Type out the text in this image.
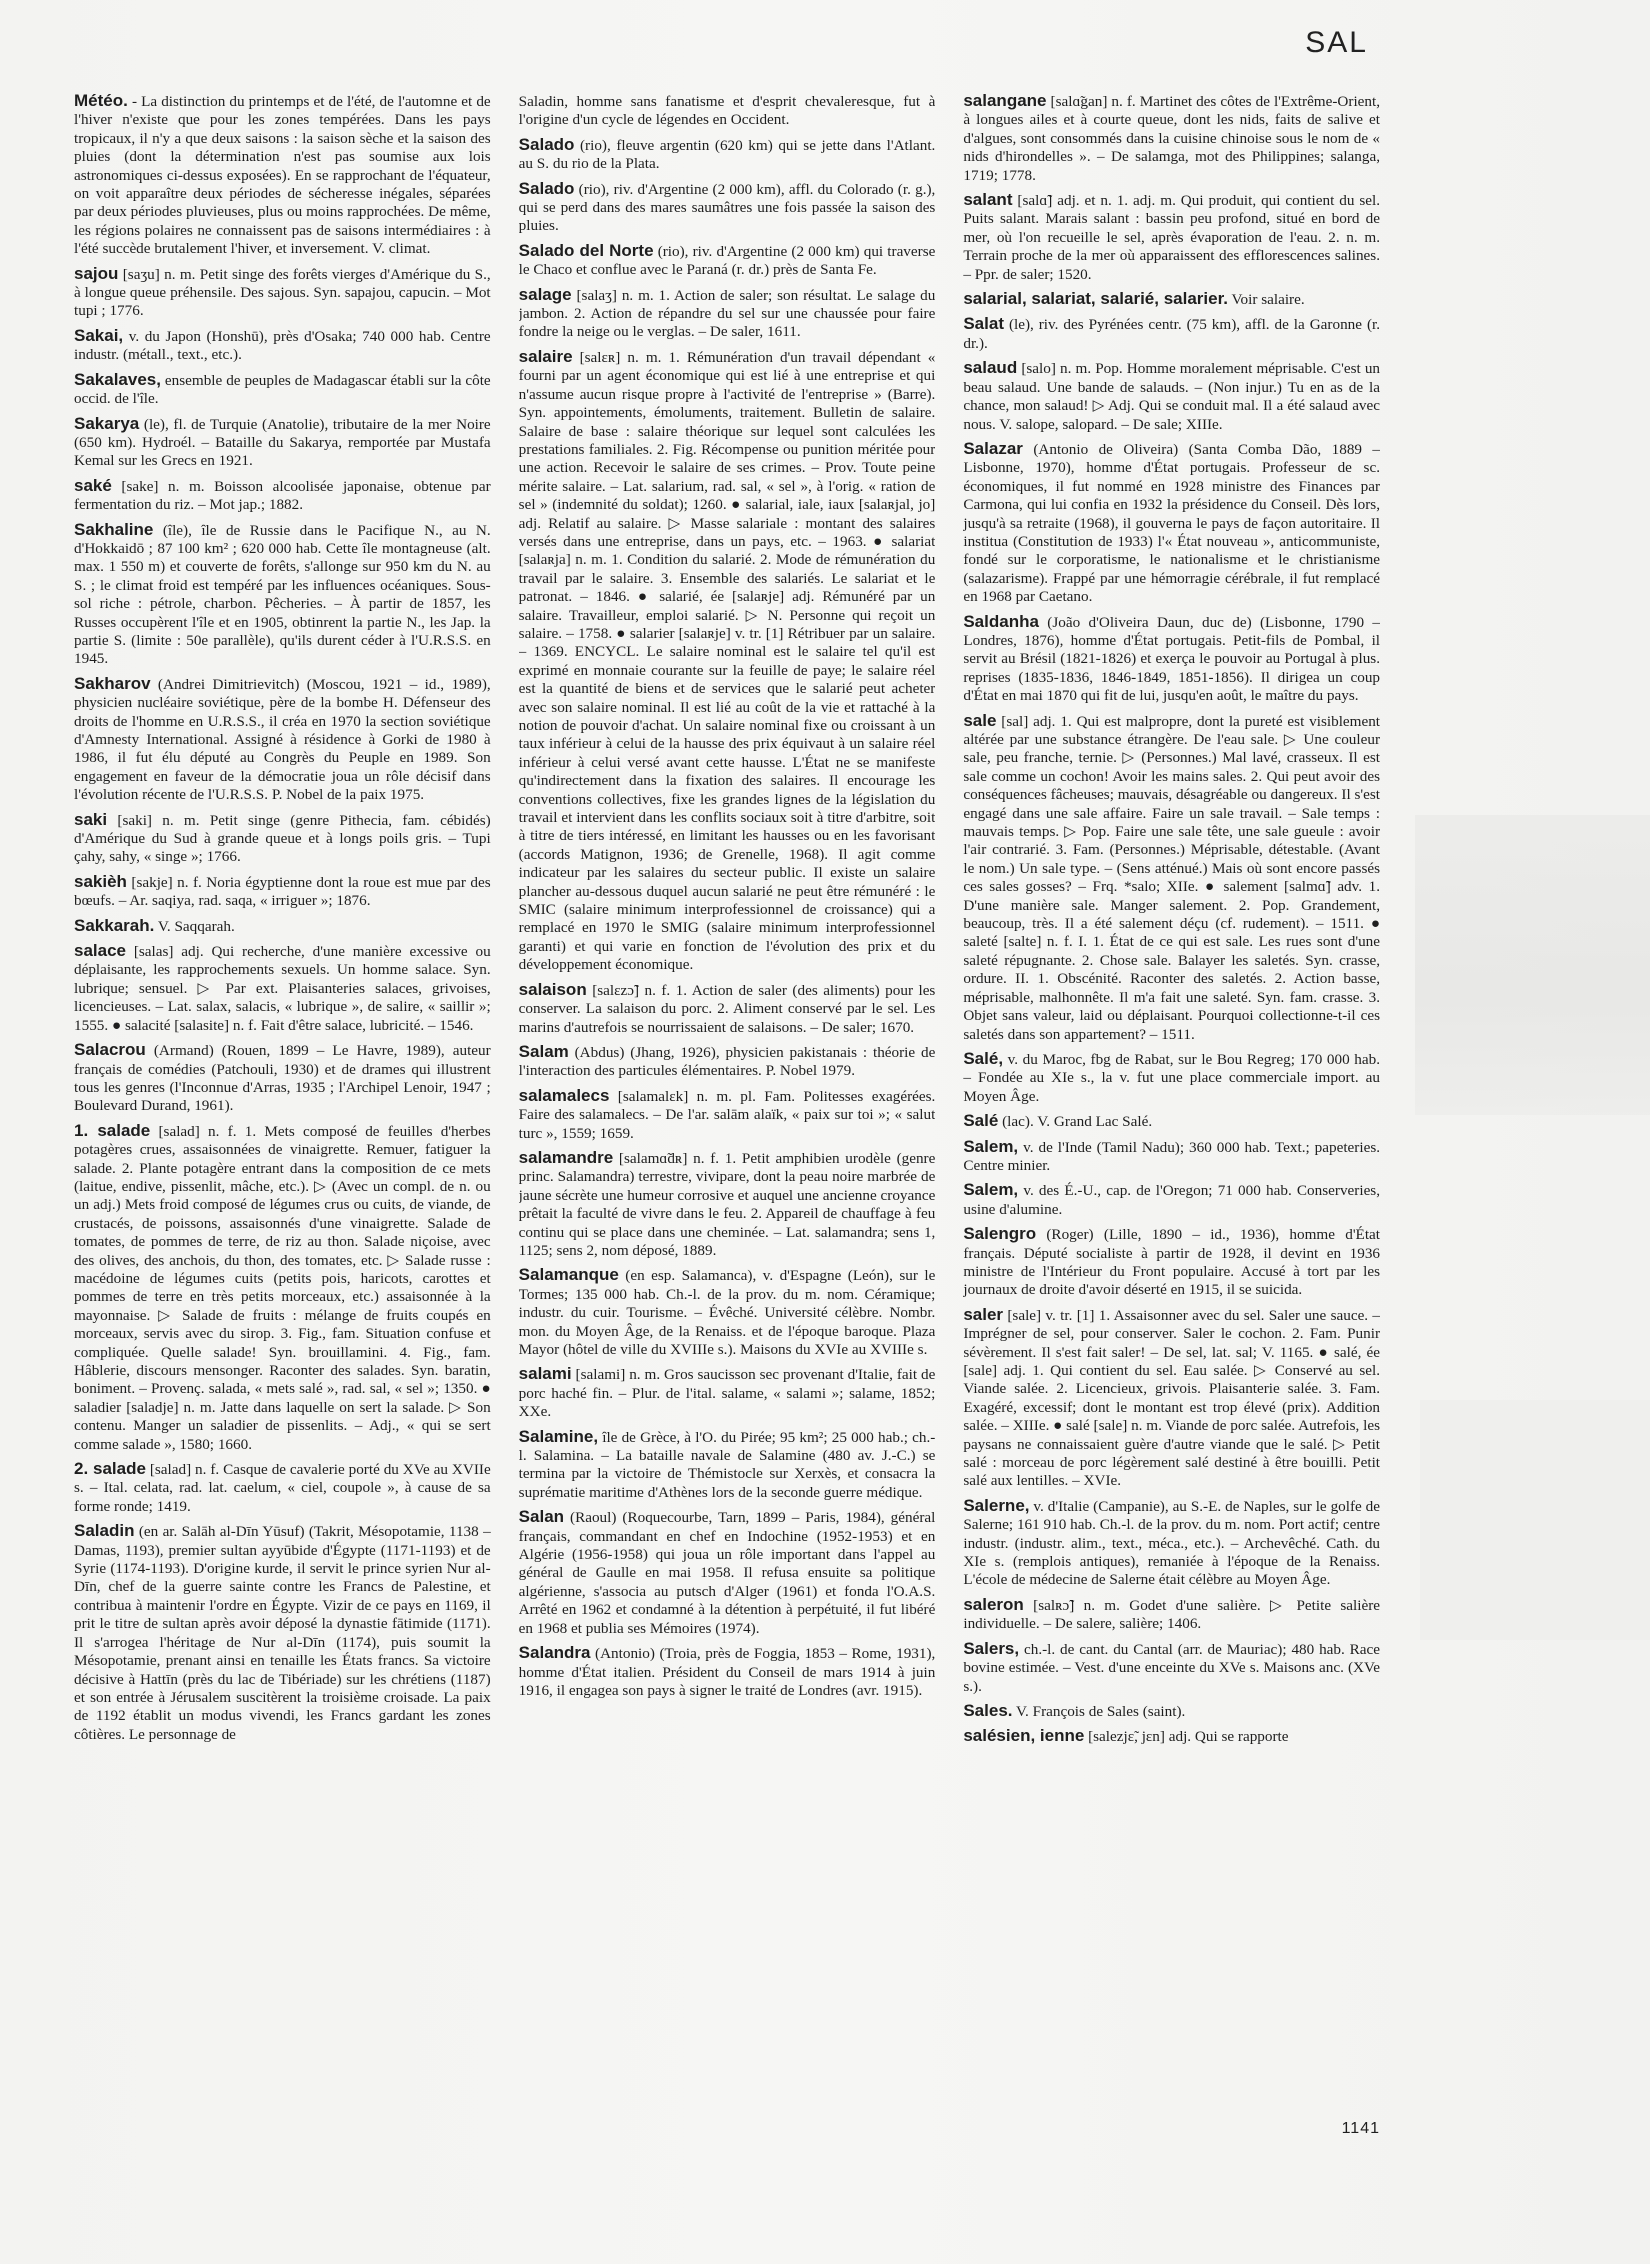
SAL

Météo. - La distinction du printemps et de l'été, de l'automne et de l'hiver n'existe que pour les zones tempérées. Dans les pays tropicaux, il n'y a que deux saisons : la saison sèche et la saison des pluies (dont la détermination n'est pas soumise aux lois astronomiques ci-dessus exposées). En se rapprochant de l'équateur, on voit apparaître deux périodes de sécheresse inégales, séparées par deux périodes pluvieuses, plus ou moins rapprochées. De même, les régions polaires ne connaissent pas de saisons intermédiaires : à l'été succède brutalement l'hiver, et inversement. V. climat.

sajou [saʒu] n. m. Petit singe des forêts vierges d'Amérique du S., à longue queue préhensile. Des sajous. Syn. sapajou, capucin. – Mot tupi ; 1776.

Sakai, v. du Japon (Honshū), près d'Osaka; 740 000 hab. Centre industr. (métall., text., etc.).

Sakalaves, ensemble de peuples de Madagascar établi sur la côte occid. de l'île.

Sakarya (le), fl. de Turquie (Anatolie), tributaire de la mer Noire (650 km). Hydroél. – Bataille du Sakarya, remportée par Mustafa Kemal sur les Grecs en 1921.

saké [sake] n. m. Boisson alcoolisée japonaise, obtenue par fermentation du riz. – Mot jap.; 1882.

Sakhaline (île), île de Russie dans le Pacifique N., au N. d'Hokkaidō ; 87 100 km² ; 620 000 hab. Cette île montagneuse (alt. max. 1 550 m) et couverte de forêts, s'allonge sur 950 km du N. au S. ; le climat froid est tempéré par les influences océaniques. Sous-sol riche : pétrole, charbon. Pêcheries. – À partir de 1857, les Russes occupèrent l'île et en 1905, obtinrent la partie N., les Jap. la partie S. (limite : 50e parallèle), qu'ils durent céder à l'U.R.S.S. en 1945.

Sakharov (Andrei Dimitrievitch) (Moscou, 1921 – id., 1989), physicien nucléaire soviétique, père de la bombe H. Défenseur des droits de l'homme en U.R.S.S., il créa en 1970 la section soviétique d'Amnesty International. Assigné à résidence à Gorki de 1980 à 1986, il fut élu député au Congrès du Peuple en 1989. Son engagement en faveur de la démocratie joua un rôle décisif dans l'évolution récente de l'U.R.S.S. P. Nobel de la paix 1975.

saki [saki] n. m. Petit singe (genre Pithecia, fam. cébidés) d'Amérique du Sud à grande queue et à longs poils gris. – Tupi çahy, sahy, « singe »; 1766.

sakièh [sakje] n. f. Noria égyptienne dont la roue est mue par des bœufs. – Ar. saqiya, rad. saqa, « irriguer »; 1876.

Sakkarah. V. Saqqarah.

salace [salas] adj. Qui recherche, d'une manière excessive ou déplaisante, les rapprochements sexuels. Un homme salace. Syn. lubrique; sensuel. ▷ Par ext. Plaisanteries salaces, grivoises, licencieuses. – Lat. salax, salacis, « lubrique », de salire, « saillir »; 1555. ● salacité [salasite] n. f. Fait d'être salace, lubricité. – 1546.

Salacrou (Armand) (Rouen, 1899 – Le Havre, 1989), auteur français de comédies (Patchouli, 1930) et de drames qui illustrent tous les genres (l'Inconnue d'Arras, 1935 ; l'Archipel Lenoir, 1947 ; Boulevard Durand, 1961).

1. salade [salad] n. f. 1. Mets composé de feuilles d'herbes potagères crues, assaisonnées de vinaigrette. Remuer, fatiguer la salade. 2. Plante potagère entrant dans la composition de ce mets (laitue, endive, pissenlit, mâche, etc.). ▷ (Avec un compl. de n. ou un adj.) Mets froid composé de légumes crus ou cuits, de viande, de crustacés, de poissons, assaisonnés d'une vinaigrette. Salade de tomates, de pommes de terre, de riz au thon. Salade niçoise, avec des olives, des anchois, du thon, des tomates, etc. ▷ Salade russe : macédoine de légumes cuits (petits pois, haricots, carottes et pommes de terre en très petits morceaux, etc.) assaisonnée à la mayonnaise. ▷ Salade de fruits : mélange de fruits coupés en morceaux, servis avec du sirop. 3. Fig., fam. Situation confuse et compliquée. Quelle salade! Syn. brouillamini. 4. Fig., fam. Hâblerie, discours mensonger. Raconter des salades. Syn. baratin, boniment. – Provenç. salada, « mets salé », rad. sal, « sel »; 1350. ● saladier [saladje] n. m. Jatte dans laquelle on sert la salade. ▷ Son contenu. Manger un saladier de pissenlits. – Adj., « qui se sert comme salade », 1580; 1660.

2. salade [salad] n. f. Casque de cavalerie porté du XVe au XVIIe s. – Ital. celata, rad. lat. caelum, « ciel, coupole », à cause de sa forme ronde; 1419.

Saladin (en ar. Salāh al-Dīn Yūsuf) (Takrit, Mésopotamie, 1138 – Damas, 1193), premier sultan ayyūbide d'Égypte (1171-1193) et de Syrie (1174-1193). D'origine kurde, il servit le prince syrien Nur al-Dīn, chef de la guerre sainte contre les Francs de Palestine, et contribua à maintenir l'ordre en Égypte. Vizir de ce pays en 1169, il prit le titre de sultan après avoir déposé la dynastie fātimide (1171). Il s'arrogea l'héritage de Nur al-Dīn (1174), puis soumit la Mésopotamie, prenant ainsi en tenaille les États francs. Sa victoire décisive à Hattīn (près du lac de Tibériade) sur les chrétiens (1187) et son entrée à Jérusalem suscitèrent la troisième croisade. La paix de 1192 établit un modus vivendi, les Francs gardant les zones côtières. Le personnage de

Saladin, homme sans fanatisme et d'esprit chevaleresque, fut à l'origine d'un cycle de légendes en Occident.

Salado (rio), fleuve argentin (620 km) qui se jette dans l'Atlant. au S. du rio de la Plata.

Salado (rio), riv. d'Argentine (2 000 km), affl. du Colorado (r. g.), qui se perd dans des mares saumâtres une fois passée la saison des pluies.

Salado del Norte (rio), riv. d'Argentine (2 000 km) qui traverse le Chaco et conflue avec le Paraná (r. dr.) près de Santa Fe.

salage [salaʒ] n. m. 1. Action de saler; son résultat. Le salage du jambon. 2. Action de répandre du sel sur une chaussée pour faire fondre la neige ou le verglas. – De saler, 1611.

salaire [salɛʀ] n. m. 1. Rémunération d'un travail dépendant « fourni par un agent économique qui est lié à une entreprise et qui n'assume aucun risque propre à l'activité de l'entreprise » (Barre). Syn. appointements, émoluments, traitement. Bulletin de salaire. Salaire de base : salaire théorique sur lequel sont calculées les prestations familiales. 2. Fig. Récompense ou punition méritée pour une action. Recevoir le salaire de ses crimes. – Prov. Toute peine mérite salaire. – Lat. salarium, rad. sal, « sel », à l'orig. « ration de sel » (indemnité du soldat); 1260. ● salarial, iale, iaux [salaʀjal, jo] adj. Relatif au salaire. ▷ Masse salariale : montant des salaires versés dans une entreprise, dans un pays, etc. – 1963. ● salariat [salaʀja] n. m. 1. Condition du salarié. 2. Mode de rémunération du travail par le salaire. 3. Ensemble des salariés. Le salariat et le patronat. – 1846. ● salarié, ée [salaʀje] adj. Rémunéré par un salaire. Travailleur, emploi salarié. ▷ N. Personne qui reçoit un salaire. – 1758. ● salarier [salaʀje] v. tr. [1] Rétribuer par un salaire. – 1369. ENCYCL. Le salaire nominal est le salaire tel qu'il est exprimé en monnaie courante sur la feuille de paye; le salaire réel est la quantité de biens et de services que le salarié peut acheter avec son salaire nominal. Il est lié au coût de la vie et rattaché à la notion de pouvoir d'achat. Un salaire nominal fixe ou croissant à un taux inférieur à celui de la hausse des prix équivaut à un salaire réel inférieur à celui versé avant cette hausse. L'État ne se manifeste qu'indirectement dans la fixation des salaires. Il encourage les conventions collectives, fixe les grandes lignes de la législation du travail et intervient dans les conflits sociaux soit à titre d'arbitre, soit à titre de tiers intéressé, en limitant les hausses ou en les favorisant (accords Matignon, 1936; de Grenelle, 1968). Il agit comme indicateur par les salaires du secteur public. Il existe un salaire plancher au-dessous duquel aucun salarié ne peut être rémunéré : le SMIC (salaire minimum interprofessionnel de croissance) qui a remplacé en 1970 le SMIG (salaire minimum interprofessionnel garanti) et qui varie en fonction de l'évolution des prix et du développement économique.

salaison [salɛzɔ̃] n. f. 1. Action de saler (des aliments) pour les conserver. La salaison du porc. 2. Aliment conservé par le sel. Les marins d'autrefois se nourrissaient de salaisons. – De saler; 1670.

Salam (Abdus) (Jhang, 1926), physicien pakistanais : théorie de l'interaction des particules élémentaires. P. Nobel 1979.

salamalecs [salamalɛk] n. m. pl. Fam. Politesses exagérées. Faire des salamalecs. – De l'ar. salām alaïk, « paix sur toi »; « salut turc », 1559; 1659.

salamandre [salamɑ̃dʀ] n. f. 1. Petit amphibien urodèle (genre princ. Salamandra) terrestre, vivipare, dont la peau noire marbrée de jaune sécrète une humeur corrosive et auquel une ancienne croyance prêtait la faculté de vivre dans le feu. 2. Appareil de chauffage à feu continu qui se place dans une cheminée. – Lat. salamandra; sens 1, 1125; sens 2, nom déposé, 1889.

Salamanque (en esp. Salamanca), v. d'Espagne (León), sur le Tormes; 135 000 hab. Ch.-l. de la prov. du m. nom. Céramique; industr. du cuir. Tourisme. – Évêché. Université célèbre. Nombr. mon. du Moyen Âge, de la Renaiss. et de l'époque baroque. Plaza Mayor (hôtel de ville du XVIIIe s.). Maisons du XVIe au XVIIIe s.

salami [salami] n. m. Gros saucisson sec provenant d'Italie, fait de porc haché fin. – Plur. de l'ital. salame, « salami »; salame, 1852; XXe.

Salamine, île de Grèce, à l'O. du Pirée; 95 km²; 25 000 hab.; ch.-l. Salamina. – La bataille navale de Salamine (480 av. J.-C.) se termina par la victoire de Thémistocle sur Xerxès, et consacra la suprématie maritime d'Athènes lors de la seconde guerre médique.

Salan (Raoul) (Roquecourbe, Tarn, 1899 – Paris, 1984), général français, commandant en chef en Indochine (1952-1953) et en Algérie (1956-1958) qui joua un rôle important dans l'appel au général de Gaulle en mai 1958. Il refusa ensuite sa politique algérienne, s'associa au putsch d'Alger (1961) et fonda l'O.A.S. Arrêté en 1962 et condamné à la détention à perpétuité, il fut libéré en 1968 et publia ses Mémoires (1974).

Salandra (Antonio) (Troia, près de Foggia, 1853 – Rome, 1931), homme d'État italien. Président du Conseil de mars 1914 à juin 1916, il engagea son pays à signer le traité de Londres (avr. 1915).

salangane [salɑ̃gan] n. f. Martinet des côtes de l'Extrême-Orient, à longues ailes et à courte queue, dont les nids, faits de salive et d'algues, sont consommés dans la cuisine chinoise sous le nom de « nids d'hirondelles ». – De salamga, mot des Philippines; salanga, 1719; 1778.

salant [salɑ̃] adj. et n. 1. adj. m. Qui produit, qui contient du sel. Puits salant. Marais salant : bassin peu profond, situé en bord de mer, où l'on recueille le sel, après évaporation de l'eau. 2. n. m. Terrain proche de la mer où apparaissent des efflorescences salines. – Ppr. de saler; 1520.

salarial, salariat, salarié, salarier. Voir salaire.

Salat (le), riv. des Pyrénées centr. (75 km), affl. de la Garonne (r. dr.).

salaud [salo] n. m. Pop. Homme moralement méprisable. C'est un beau salaud. Une bande de salauds. – (Non injur.) Tu en as de la chance, mon salaud! ▷ Adj. Qui se conduit mal. Il a été salaud avec nous. V. salope, salopard. – De sale; XIIIe.

Salazar (Antonio de Oliveira) (Santa Comba Dão, 1889 – Lisbonne, 1970), homme d'État portugais. Professeur de sc. économiques, il fut nommé en 1928 ministre des Finances par Carmona, qui lui confia en 1932 la présidence du Conseil. Dès lors, jusqu'à sa retraite (1968), il gouverna le pays de façon autoritaire. Il institua (Constitution de 1933) l'« État nouveau », anticommuniste, fondé sur le corporatisme, le nationalisme et le christianisme (salazarisme). Frappé par une hémorragie cérébrale, il fut remplacé en 1968 par Caetano.

Saldanha (João d'Oliveira Daun, duc de) (Lisbonne, 1790 – Londres, 1876), homme d'État portugais. Petit-fils de Pombal, il servit au Brésil (1821-1826) et exerça le pouvoir au Portugal à plus. reprises (1835-1836, 1846-1849, 1851-1856). Il dirigea un coup d'État en mai 1870 qui fit de lui, jusqu'en août, le maître du pays.

sale [sal] adj. 1. Qui est malpropre, dont la pureté est visiblement altérée par une substance étrangère. De l'eau sale. ▷ Une couleur sale, peu franche, ternie. ▷ (Personnes.) Mal lavé, crasseux. Il est sale comme un cochon! Avoir les mains sales. 2. Qui peut avoir des conséquences fâcheuses; mauvais, désagréable ou dangereux. Il s'est engagé dans une sale affaire. Faire un sale travail. – Sale temps : mauvais temps. ▷ Pop. Faire une sale tête, une sale gueule : avoir l'air contrarié. 3. Fam. (Personnes.) Méprisable, détestable. (Avant le nom.) Un sale type. – (Sens atténué.) Mais où sont encore passés ces sales gosses? – Frq. *salo; XIIe. ● salement [salmɑ̃] adv. 1. D'une manière sale. Manger salement. 2. Pop. Grandement, beaucoup, très. Il a été salement déçu (cf. rudement). – 1511. ● saleté [salte] n. f. I. 1. État de ce qui est sale. Les rues sont d'une saleté répugnante. 2. Chose sale. Balayer les saletés. Syn. crasse, ordure. II. 1. Obscénité. Raconter des saletés. 2. Action basse, méprisable, malhonnête. Il m'a fait une saleté. Syn. fam. crasse. 3. Objet sans valeur, laid ou déplaisant. Pourquoi collectionne-t-il ces saletés dans son appartement? – 1511.

Salé, v. du Maroc, fbg de Rabat, sur le Bou Regreg; 170 000 hab. – Fondée au XIe s., la v. fut une place commerciale import. au Moyen Âge.

Salé (lac). V. Grand Lac Salé.

Salem, v. de l'Inde (Tamil Nadu); 360 000 hab. Text.; papeteries. Centre minier.

Salem, v. des É.-U., cap. de l'Oregon; 71 000 hab. Conserveries, usine d'alumine.

Salengro (Roger) (Lille, 1890 – id., 1936), homme d'État français. Député socialiste à partir de 1928, il devint en 1936 ministre de l'Intérieur du Front populaire. Accusé à tort par les journaux de droite d'avoir déserté en 1915, il se suicida.

saler [sale] v. tr. [1] 1. Assaisonner avec du sel. Saler une sauce. – Imprégner de sel, pour conserver. Saler le cochon. 2. Fam. Punir sévèrement. Il s'est fait saler! – De sel, lat. sal; V. 1165. ● salé, ée [sale] adj. 1. Qui contient du sel. Eau salée. ▷ Conservé au sel. Viande salée. 2. Licencieux, grivois. Plaisanterie salée. 3. Fam. Exagéré, excessif; dont le montant est trop élevé (prix). Addition salée. – XIIIe. ● salé [sale] n. m. Viande de porc salée. Autrefois, les paysans ne connaissaient guère d'autre viande que le salé. ▷ Petit salé : morceau de porc légèrement salé destiné à être bouilli. Petit salé aux lentilles. – XVIe.

Salerne, v. d'Italie (Campanie), au S.-E. de Naples, sur le golfe de Salerne; 161 910 hab. Ch.-l. de la prov. du m. nom. Port actif; centre industr. (industr. alim., text., méca., etc.). – Archevêché. Cath. du XIe s. (remplois antiques), remaniée à l'époque de la Renaiss. L'école de médecine de Salerne était célèbre au Moyen Âge.

saleron [salʀɔ̃] n. m. Godet d'une salière. ▷ Petite salière individuelle. – De salere, salière; 1406.

Salers, ch.-l. de cant. du Cantal (arr. de Mauriac); 480 hab. Race bovine estimée. – Vest. d'une enceinte du XVe s. Maisons anc. (XVe s.).

Sales. V. François de Sales (saint).

salésien, ienne [salezjɛ̃, jɛn] adj. Qui se rapporte

1141
